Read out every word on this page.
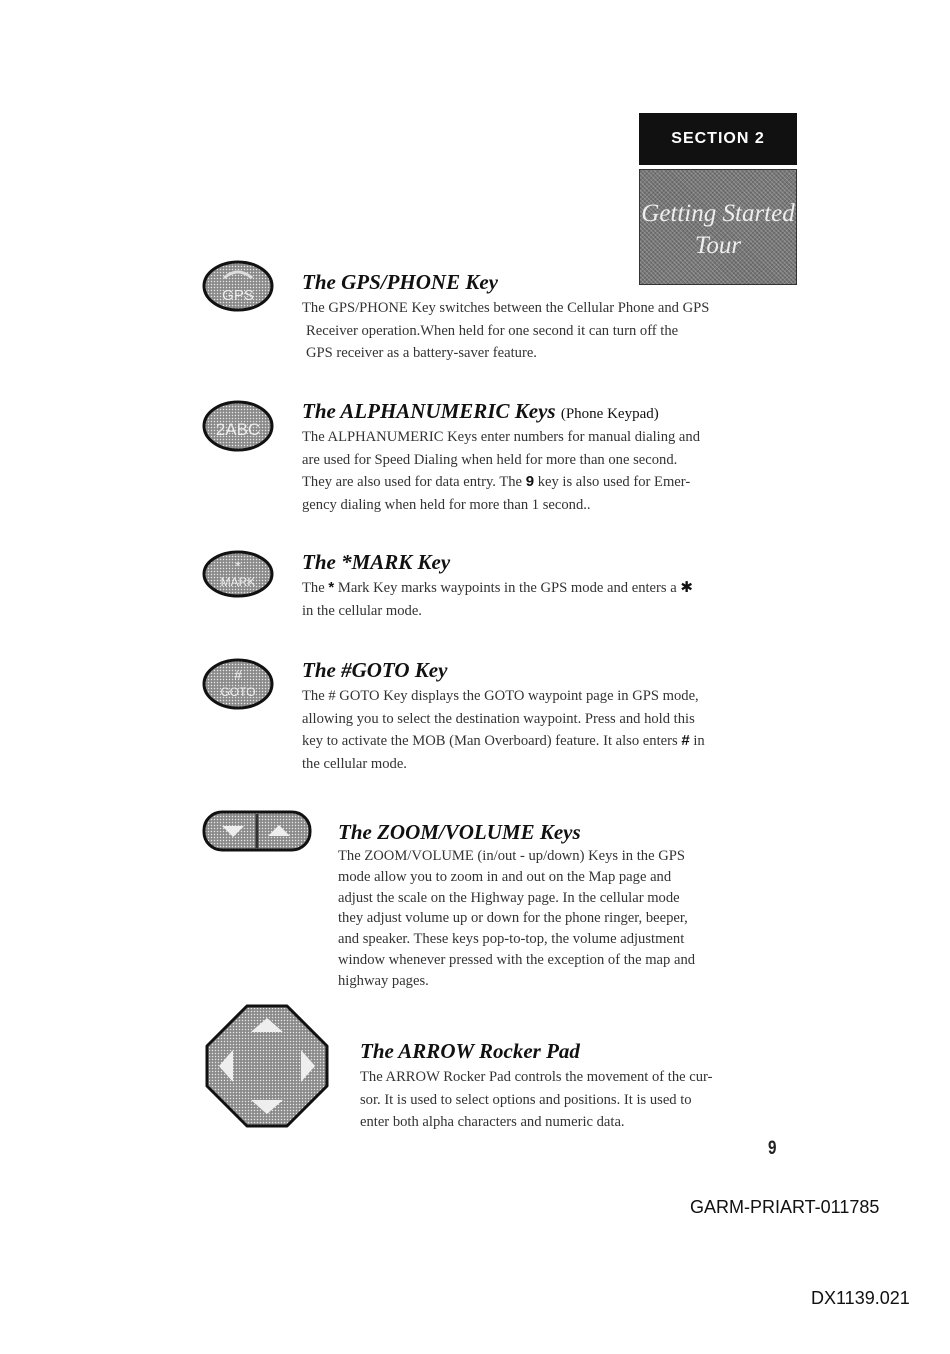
SECTION 2
Getting Started
Tour
GPS
The GPS/PHONE Key
The GPS/PHONE Key switches between the Cellular Phone and GPS
Receiver operation.When held for one second it can turn off the
GPS receiver as a battery-saver feature.
2ABC
The ALPHANUMERIC Keys (Phone Keypad)
The ALPHANUMERIC Keys enter numbers for manual dialing and
are used for Speed Dialing when held for more than one second.
They are also used for data entry. The 9 key is also used for Emer-
gency dialing when held for more than 1 second..
*
MARK
The *MARK Key
The * Mark Key marks waypoints in the GPS mode and enters a ✱
in the cellular mode.
#
GOTO
The #GOTO Key
The # GOTO Key displays the GOTO waypoint page in GPS mode,
allowing you to select the destination waypoint. Press and hold this
key to activate the MOB (Man Overboard) feature. It also enters # in
the cellular mode.
The ZOOM/VOLUME Keys
The ZOOM/VOLUME (in/out - up/down) Keys in the GPS
mode allow you to zoom in and out on the Map page and
adjust the scale on the Highway page. In the cellular mode
they adjust volume up or down for the phone ringer, beeper,
and speaker. These keys pop-to-top, the volume adjustment
window whenever pressed with the exception of the map and
highway pages.
The ARROW Rocker Pad
The ARROW Rocker Pad controls the movement of the cur-
sor. It is used to select options and positions. It is used to
enter both alpha characters and numeric data.
9
GARM-PRIART-011785
DX1139.021
